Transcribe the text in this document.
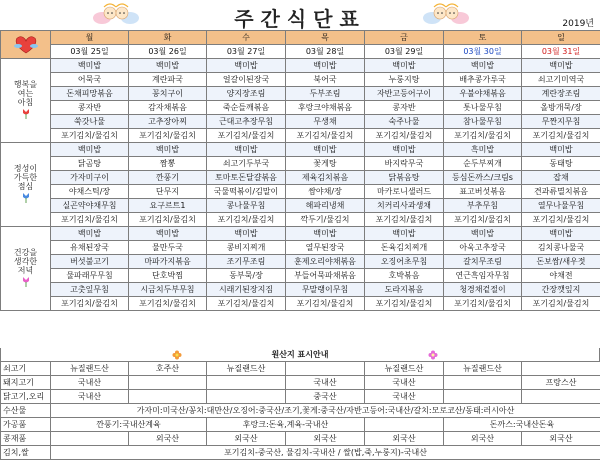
주간식단표	2019년
	월	화	수	목	금	토	일
	03월 25일	03월 26일	03월 27일	03월 28일	03월 29일	03월 30일	03월 31일

행복을
여는
아침	백미밥	백미밥	백미밥	백미밥	백미밥	백미밥	백미밥
	어묵국	계란파국	얼갈이된장국	북어국	누룽지탕	배추콩가루국	쇠고기미역국
	돈채피망볶음	꽁치구이	양지장조림	두부조림	자반고등어구이	우불야채볶음	계란장조림
	콩자반	감자채볶음	죽순들깨볶음	후랑크야채볶음	콩자반	톳나물무침	올방개묵/장
	쑥갓나물	고추장아찌	근대고추장무침	무생채	숙주나물	참나물무침	무짠지무침
	포기김치/물김치	포기김치/물김치	포기김치/물김치	포기김치/물김치	포기김치/물김치	포기김치/물김치	포기김치/물김치

정성이
가득한
점심	백미밥	백미밥	백미밥	백미밥	백미밥	흑미밥	백미밥
	닭곰탕	짬뽕	쇠고기두부국	꽃게탕	바지락무국	순두부찌개	동태탕
	가자미구이	깐풍기	토마토돈달걀볶음	제육김치볶음	닭볶음탕	등심돈까스/크림s	잡채
	야채스틱/장	단무지	국물떡볶이/김말이	쌈야채/장	마카로니샐러드	표고버섯볶음	견과류멸치볶음
	실곤약야채무침	요구르트1	콩나물무침	해파리냉채	치커리사과생채	부추무침	열무나물무침
	포기김치/물김치	포기김치/물김치	포기김치/물김치	깍두기/물김치	포기김치/물김치	포기김치/물김치	포기김치/물김치

건강을
생각한
저녁	백미밥	백미밥	백미밥	백미밥	백미밥	백미밥	백미밥
	유채된장국	물만두국	콩비지찌개	열무된장국	돈육김치찌개	아욱고추장국	김치콩나물국
	버섯불고기	마파가지볶음	조기무조림	훈제오리야채볶음	오징어초무침	갈치무조림	돈보쌈/새우젓
	물파래무무침	단호박찜	동부묵/장	부들어묵파채볶음	호박볶음	연근흑임자무침	야채전
	고춧잎무침	시금치두부무침	시래기된장지짐	무말랭이무침	도라지볶음	청경채겉절이	간장깻잎지
	포기김치/물김치	포기김치/물김치	포기김치/물김치	포기김치/물김치	포기김치/물김치	포기김치/물김치	포기김치/물김치
원산지 표시안내
쇠고기	뉴질랜드산	호주산	뉴질랜드산		뉴질랜드산	뉴질랜드산	
돼지고기	국내산			국내산	국내산		프랑스산
닭고기,오리	국내산			중국산	국내산		
수산물	가자미:미국산/꽁치:대만산/오징어:중국산/조기,꽃게:중국산/자반고등어:국내산/갈치:모로코산/동태:러시아산						
가공품	깐풍기:국내산계육		후랑크:돈육,계육-국내산			돈까스:국내산돈육	
콩재품		외국산	외국산	외국산	외국산	외국산	외국산
김치,쌀	포기김치-중국산, 물김치-국내산 / 쌀(밥,죽,누룽지)-국내산						
